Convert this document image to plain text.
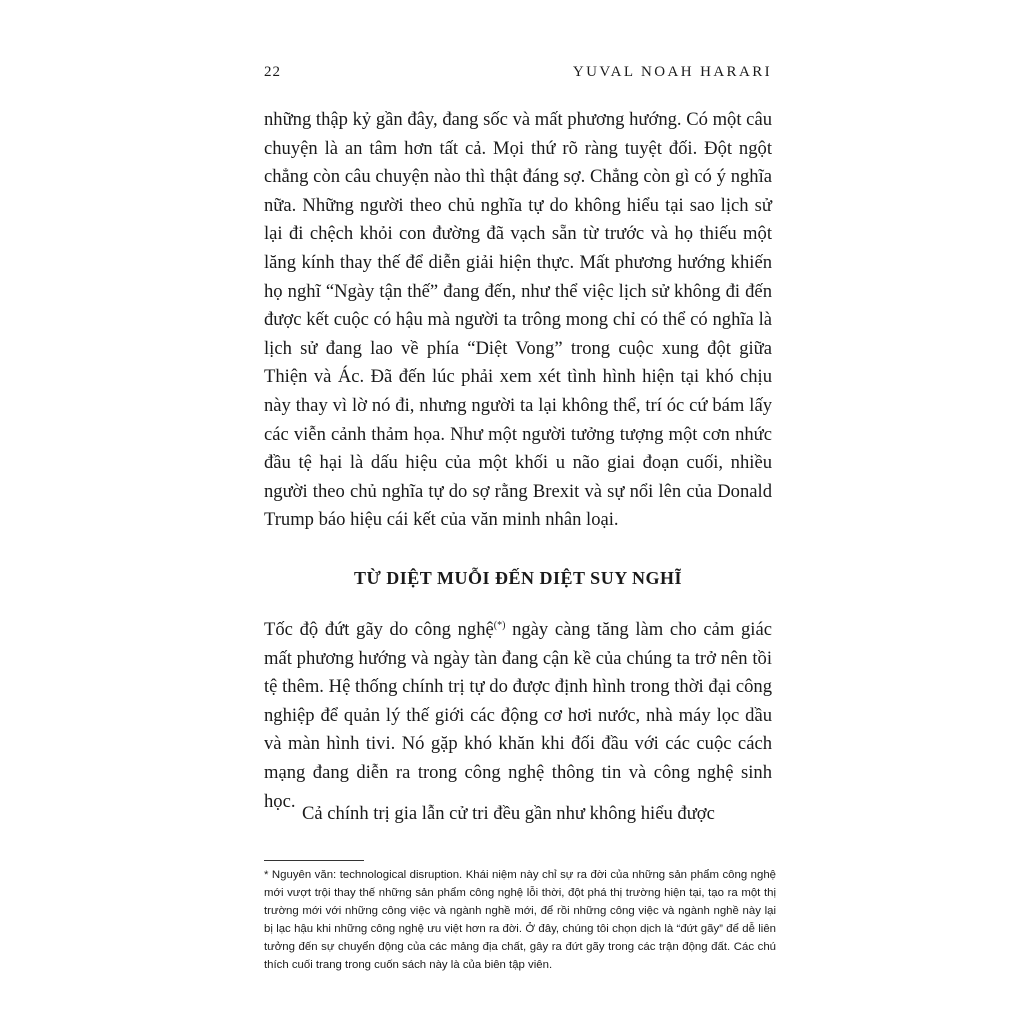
22	YUVAL NOAH HARARI

những thập kỷ gần đây, đang sốc và mất phương hướng. Có một câu chuyện là an tâm hơn tất cả. Mọi thứ rõ ràng tuyệt đối. Đột ngột chẳng còn câu chuyện nào thì thật đáng sợ. Chẳng còn gì có ý nghĩa nữa. Những người theo chủ nghĩa tự do không hiểu tại sao lịch sử lại đi chệch khỏi con đường đã vạch sẵn từ trước và họ thiếu một lăng kính thay thế để diễn giải hiện thực. Mất phương hướng khiến họ nghĩ “Ngày tận thế” đang đến, như thể việc lịch sử không đi đến được kết cuộc có hậu mà người ta trông mong chỉ có thể có nghĩa là lịch sử đang lao về phía “Diệt Vong” trong cuộc xung đột giữa Thiện và Ác. Đã đến lúc phải xem xét tình hình hiện tại khó chịu này thay vì lờ nó đi, nhưng người ta lại không thể, trí óc cứ bám lấy các viễn cảnh thảm họa. Như một người tưởng tượng một cơn nhức đầu tệ hại là dấu hiệu của một khối u não giai đoạn cuối, nhiều người theo chủ nghĩa tự do sợ rằng Brexit và sự nổi lên của Donald Trump báo hiệu cái kết của văn minh nhân loại.

TỪ DIỆT MUỖI ĐẾN DIỆT SUY NGHĨ

Tốc độ đứt gãy do công nghệ(*) ngày càng tăng làm cho cảm giác mất phương hướng và ngày tàn đang cận kề của chúng ta trở nên tồi tệ thêm. Hệ thống chính trị tự do được định hình trong thời đại công nghiệp để quản lý thế giới các động cơ hơi nước, nhà máy lọc dầu và màn hình tivi. Nó gặp khó khăn khi đối đầu với các cuộc cách mạng đang diễn ra trong công nghệ thông tin và công nghệ sinh học.

Cả chính trị gia lẫn cử tri đều gần như không hiểu được

* Nguyên văn: technological disruption. Khái niệm này chỉ sự ra đời của những sản phẩm công nghệ mới vượt trội thay thế những sản phẩm công nghệ lỗi thời, đột phá thị trường hiện tại, tạo ra một thị trường mới với những công việc và ngành nghề mới, để rồi những công việc và ngành nghề này lại bị lạc hậu khi những công nghệ ưu việt hơn ra đời. Ở đây, chúng tôi chọn dịch là “đứt gãy” để dễ liên tưởng đến sự chuyển động của các mảng địa chất, gây ra đứt gãy trong các trận động đất. Các chú thích cuối trang trong cuốn sách này là của biên tập viên.
